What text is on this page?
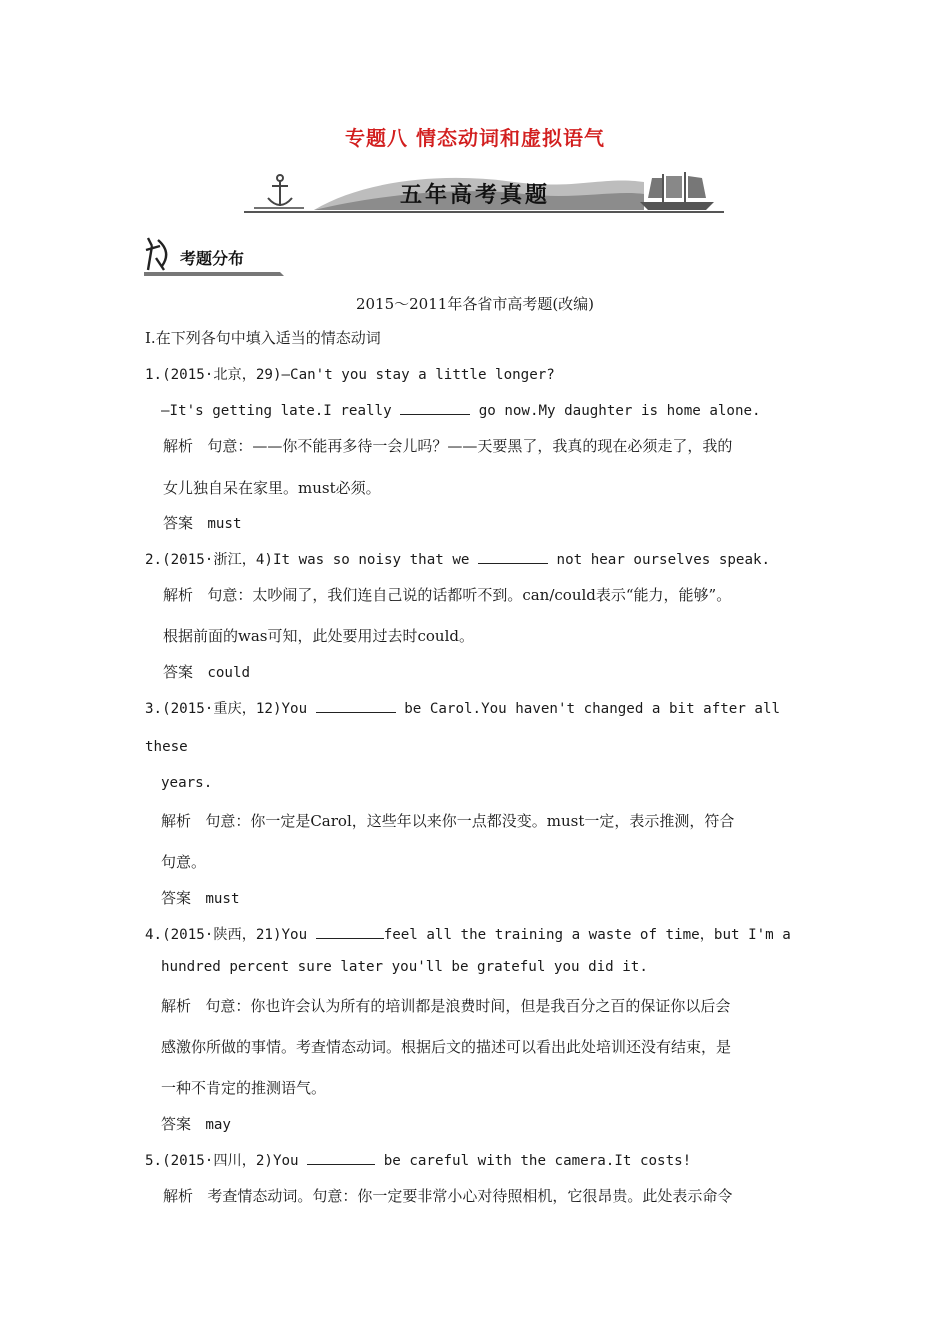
专题八 情态动词和虚拟语气
五年高考真题
考题分布
2015～2011年各省市高考题(改编)
Ⅰ.在下列各句中填入适当的情态动词
1.(2015·北京，29)—Can't you stay a little longer?
—It's getting late.I really	go now.My daughter is home alone.
解析 句意：——你不能再多待一会儿吗？——天要黑了，我真的现在必须走了，我的
女儿独自呆在家里。must必须。
答案 must
2.(2015·浙江，4)It was so noisy that we	not hear ourselves speak.
解析 句意：太吵闹了，我们连自己说的话都听不到。can/could表示“能力，能够”。
根据前面的was可知，此处要用过去时could。
答案 could
3.(2015·重庆，12)You	be Carol.You haven't changed a bit after all
these
years.
解析 句意：你一定是Carol，这些年以来你一点都没变。must一定，表示推测，符合
句意。
答案 must
4.(2015·陕西，21)You	feel all the training a waste of time，but I'm a
hundred percent sure later you'll be grateful you did it.
解析 句意：你也许会认为所有的培训都是浪费时间，但是我百分之百的保证你以后会
感激你所做的事情。考查情态动词。根据后文的描述可以看出此处培训还没有结束，是
一种不肯定的推测语气。
答案 may
5.(2015·四川，2)You	be careful with the camera.It costs!
解析 考查情态动词。句意：你一定要非常小心对待照相机，它很昂贵。此处表示命令
